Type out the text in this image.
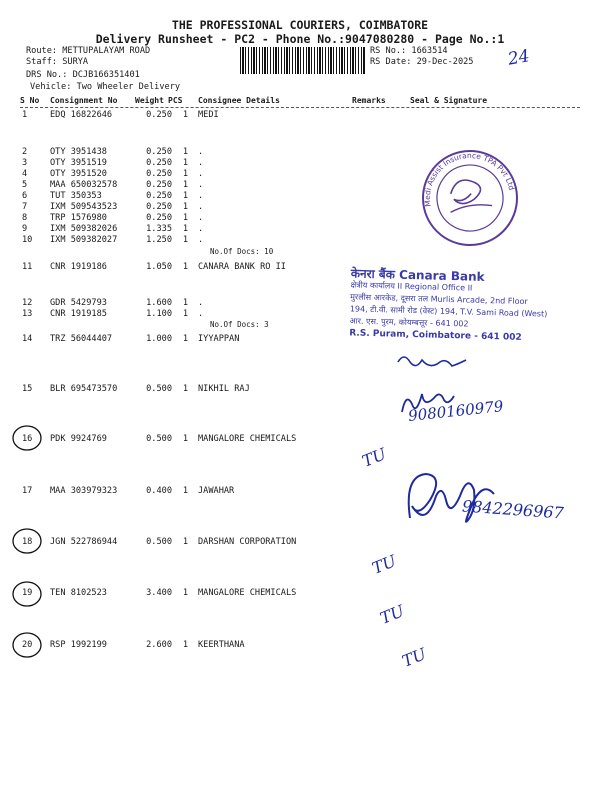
THE PROFESSIONAL COURIERS, COIMBATORE
Delivery Runsheet - PC2 - Phone No.:9047080280 - Page No.:1
Route: METTUPALAYAM ROAD
Staff: SURYA
DRS No.: DCJB166351401
Vehicle: Two Wheeler Delivery
RS No.: 1663514
RS Date: 29-Dec-2025
S No Consignment No Weight PCS Consignee Details	Remarks	Seal & Signature
1	EDQ 16822646	0.250	1 MEDI
2	OTY 3951438	0.250	1 .
3	OTY 3951519	0.250	1 .
4	OTY 3951520	0.250	1 .
5	MAA 650032578	0.250	1 .
6	TUT 350353	0.250	1 .
7	IXM 509543523	0.250	1 .
8	TRP 1576980	0.250	1 .
9	IXM 509382026	1.335	1 .
10 IXM 509382027	1.250	1 .
No.Of Docs: 10
11 CNR 1919186	1.050	1 CANARA BANK RO II
12 GDR 5429793	1.600	1 .
13 CNR 1919185	1.100	1 .
No.Of Docs: 3
14 TRZ 56044407	1.000	1 IYYAPPAN
15 BLR 695473570	0.500	1 NIKHIL RAJ
16 PDK 9924769	0.500	1 MANGALORE CHEMICALS
17 MAA 303979323	0.400	1 JAWAHAR
18 JGN 522786944	0.500	1 DARSHAN CORPORATION
19 TEN 8102523	3.400	1 MANGALORE CHEMICALS
20 RSP 1992199	2.600	1 KEERTHANA
केनरा बैंक Canara Bank
क्षेत्रीय कार्यालय II Regional Office II
मुरलीस आरकेड, दूसरा तल Murlis Arcade, 2nd Floor
194, टी.वी. सामी रोड (वेस्ट) 194, T.V. Sami Road (West)
आर. एस. पुरम, कोयम्बत्तूर - 641 002
R.S. Puram, Coimbatore - 641 002
9080160979
9842296967
24
TU
TU
TU
TU
Medi Assist Insurance TPA Pvt Ltd
